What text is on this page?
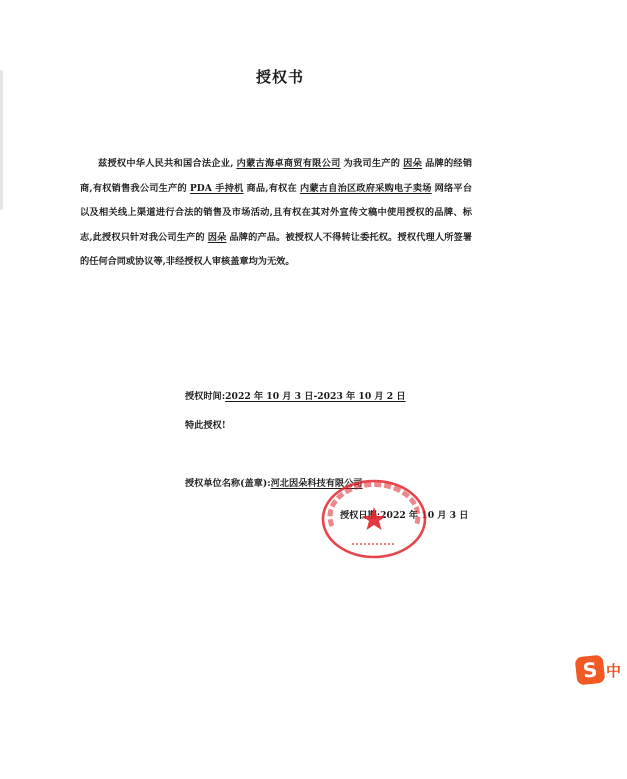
授权书
兹授权中华人民共和国合法企业, 内蒙古海卓商贸有限公司 为我司生产的 因朵 品牌的经销商,有权销售我公司生产的 PDA 手持机 商品,有权在 内蒙古自治区政府采购电子卖场 网络平台以及相关线上渠道进行合法的销售及市场活动,且有权在其对外宣传文稿中使用授权的品牌、标志,此授权只针对我公司生产的 因朵 品牌的产品。被授权人不得转让委托权。授权代理人所签署的任何合同或协议等,非经授权人审核盖章均为无效。
授权时间:2022 年 10 月 3 日-2023 年 10 月 2 日
特此授权!
授权单位名称(盖章):河北因朵科技有限公司
授权日期:2022 年 10 月 3 日
S 中
